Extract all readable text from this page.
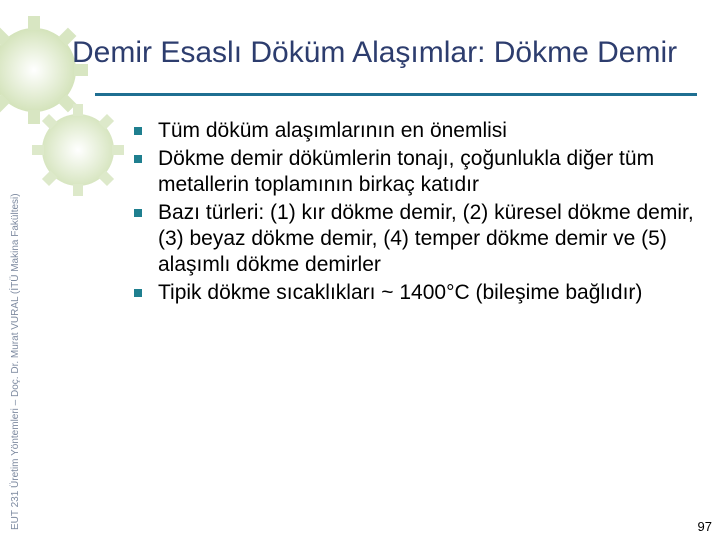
EUT 231 Üretim Yöntemleri – Doç. Dr. Murat VURAL (İTÜ Makina Fakültesi)
Demir Esaslı Döküm Alaşımlar: Dökme Demir
Tüm döküm alaşımlarının en önemlisi
Dökme demir dökümlerin tonajı, çoğunlukla diğer tüm metallerin toplamının birkaç katıdır
Bazı türleri: (1) kır dökme demir, (2) küresel dökme demir, (3) beyaz dökme demir, (4) temper dökme demir ve (5) alaşımlı dökme demirler
Tipik dökme sıcaklıkları ~ 1400°C (bileşime bağlıdır)
97
